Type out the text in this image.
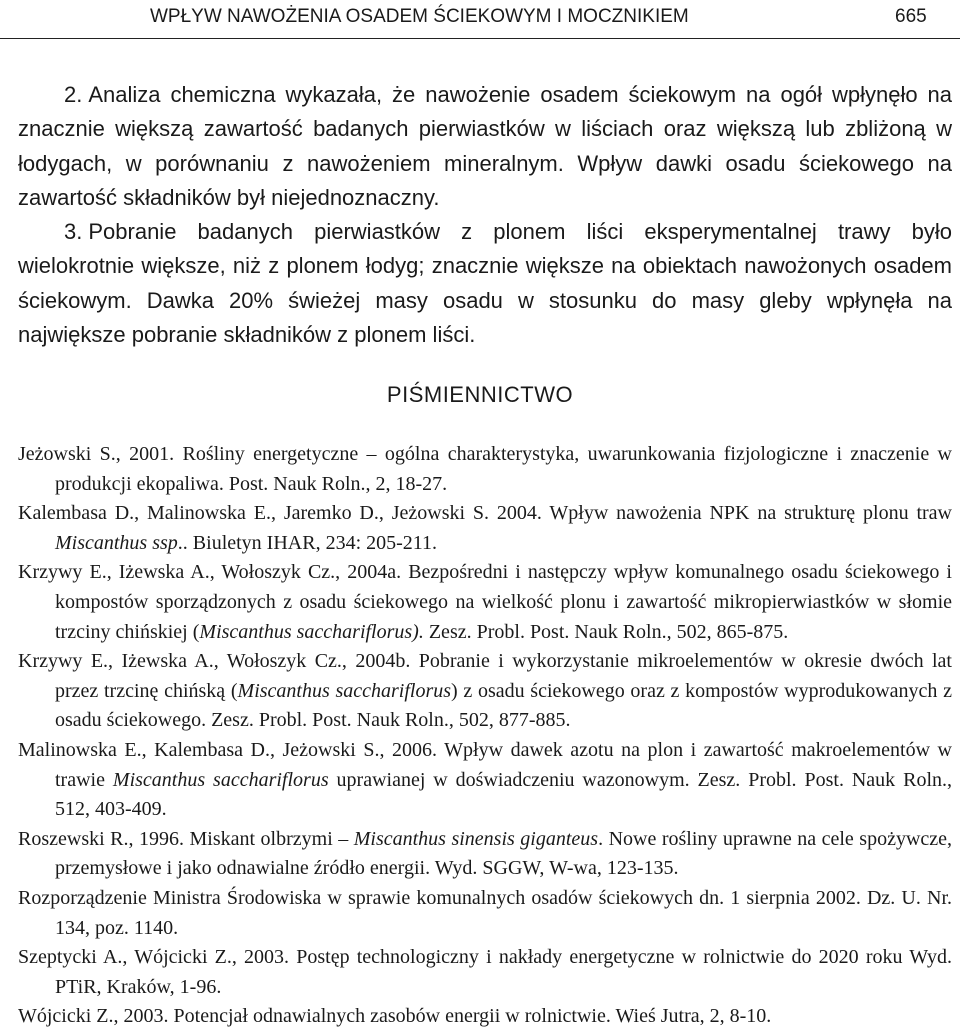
WPŁYW NAWOŻENIA OSADEM ŚCIEKOWYM I MOCZNIKIEM	665

2. Analiza chemiczna wykazała, że nawożenie osadem ściekowym na ogół wpłynęło na znacznie większą zawartość badanych pierwiastków w liściach oraz większą lub zbliżoną w łodygach, w porównaniu z nawożeniem mineralnym. Wpływ dawki osadu ściekowego na zawartość składników był niejednoznaczny.

3. Pobranie badanych pierwiastków z plonem liści eksperymentalnej trawy było wielokrotnie większe, niż z plonem łodyg; znacznie większe na obiektach nawożonych osadem ściekowym. Dawka 20% świeżej masy osadu w stosunku do masy gleby wpłynęła na największe pobranie składników z plonem liści.

PIŚMIENNICTWO

Jeżowski S., 2001. Rośliny energetyczne – ogólna charakterystyka, uwarunkowania fizjologiczne i znaczenie w produkcji ekopaliwa. Post. Nauk Roln., 2, 18-27.

Kalembasa D., Malinowska E., Jaremko D., Jeżowski S. 2004. Wpływ nawożenia NPK na strukturę plonu traw Miscanthus ssp.. Biuletyn IHAR, 234: 205-211.

Krzywy E., Iżewska A., Wołoszyk Cz., 2004a. Bezpośredni i następczy wpływ komunalnego osadu ściekowego i kompostów sporządzonych z osadu ściekowego na wielkość plonu i zawartość mikropierwiastków w słomie trzciny chińskiej (Miscanthus sacchariflorus). Zesz. Probl. Post. Nauk Roln., 502, 865-875.

Krzywy E., Iżewska A., Wołoszyk Cz., 2004b. Pobranie i wykorzystanie mikroelementów w okresie dwóch lat przez trzcinę chińską (Miscanthus sacchariflorus) z osadu ściekowego oraz z kompostów wyprodukowanych z osadu ściekowego. Zesz. Probl. Post. Nauk Roln., 502, 877-885.

Malinowska E., Kalembasa D., Jeżowski S., 2006. Wpływ dawek azotu na plon i zawartość makroelementów w trawie Miscanthus sacchariflorus uprawianej w doświadczeniu wazonowym. Zesz. Probl. Post. Nauk Roln., 512, 403-409.

Roszewski R., 1996. Miskant olbrzymi – Miscanthus sinensis giganteus. Nowe rośliny uprawne na cele spożywcze, przemysłowe i jako odnawialne źródło energii. Wyd. SGGW, W-wa, 123-135.

Rozporządzenie Ministra Środowiska w sprawie komunalnych osadów ściekowych dn. 1 sierpnia 2002. Dz. U. Nr. 134, poz. 1140.

Szeptycki A., Wójcicki Z., 2003. Postęp technologiczny i nakłady energetyczne w rolnictwie do 2020 roku Wyd. PTiR, Kraków, 1-96.

Wójcicki Z., 2003. Potencjał odnawialnych zasobów energii w rolnictwie. Wieś Jutra, 2, 8-10.
